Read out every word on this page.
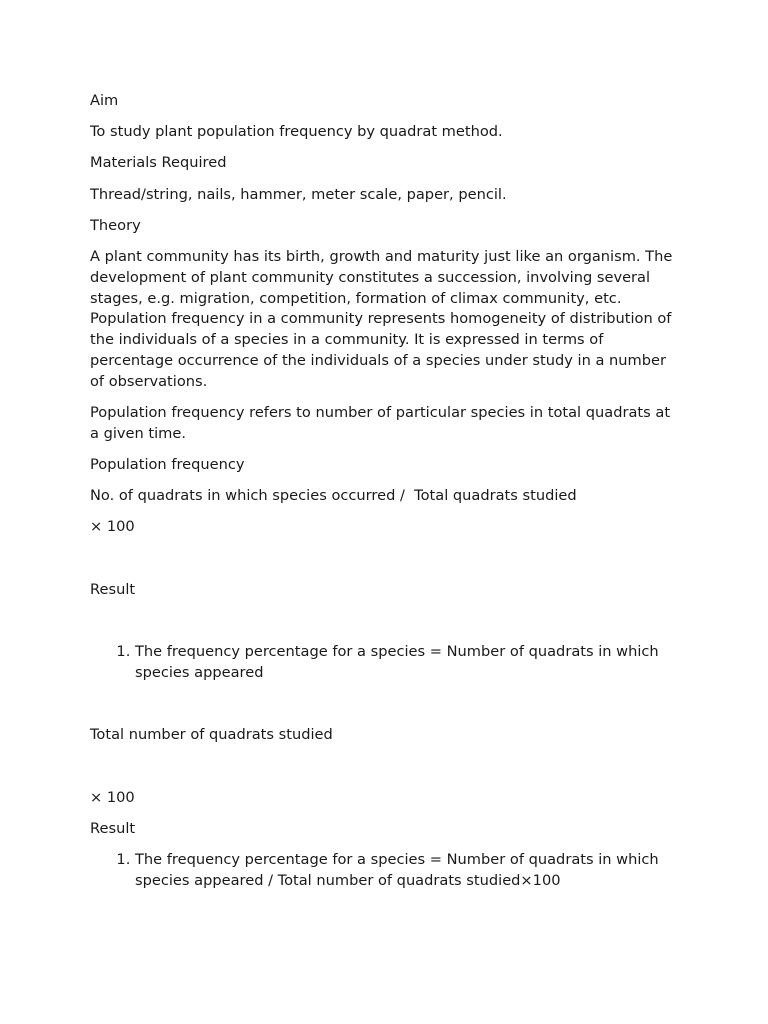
Aim

To study plant population frequency by quadrat method.

Materials Required

Thread/string, nails, hammer, meter scale, paper, pencil.

Theory

A plant community has its birth, growth and maturity just like an organism. The development of plant community constitutes a succession, involving several stages, e.g. migration, competition, formation of climax community, etc. Population frequency in a community represents homogeneity of distribution of the individuals of a species in a community. It is expressed in terms of percentage occurrence of the individuals of a species under study in a number of observations.

Population frequency refers to number of particular species in total quadrats at a given time.

Population frequency

No. of quadrats in which species occurred /  Total quadrats studied

× 100

Result

1. The frequency percentage for a species = Number of quadrats in which species appeared

Total number of quadrats studied

× 100

Result

1. The frequency percentage for a species = Number of quadrats in which species appeared / Total number of quadrats studied×100
